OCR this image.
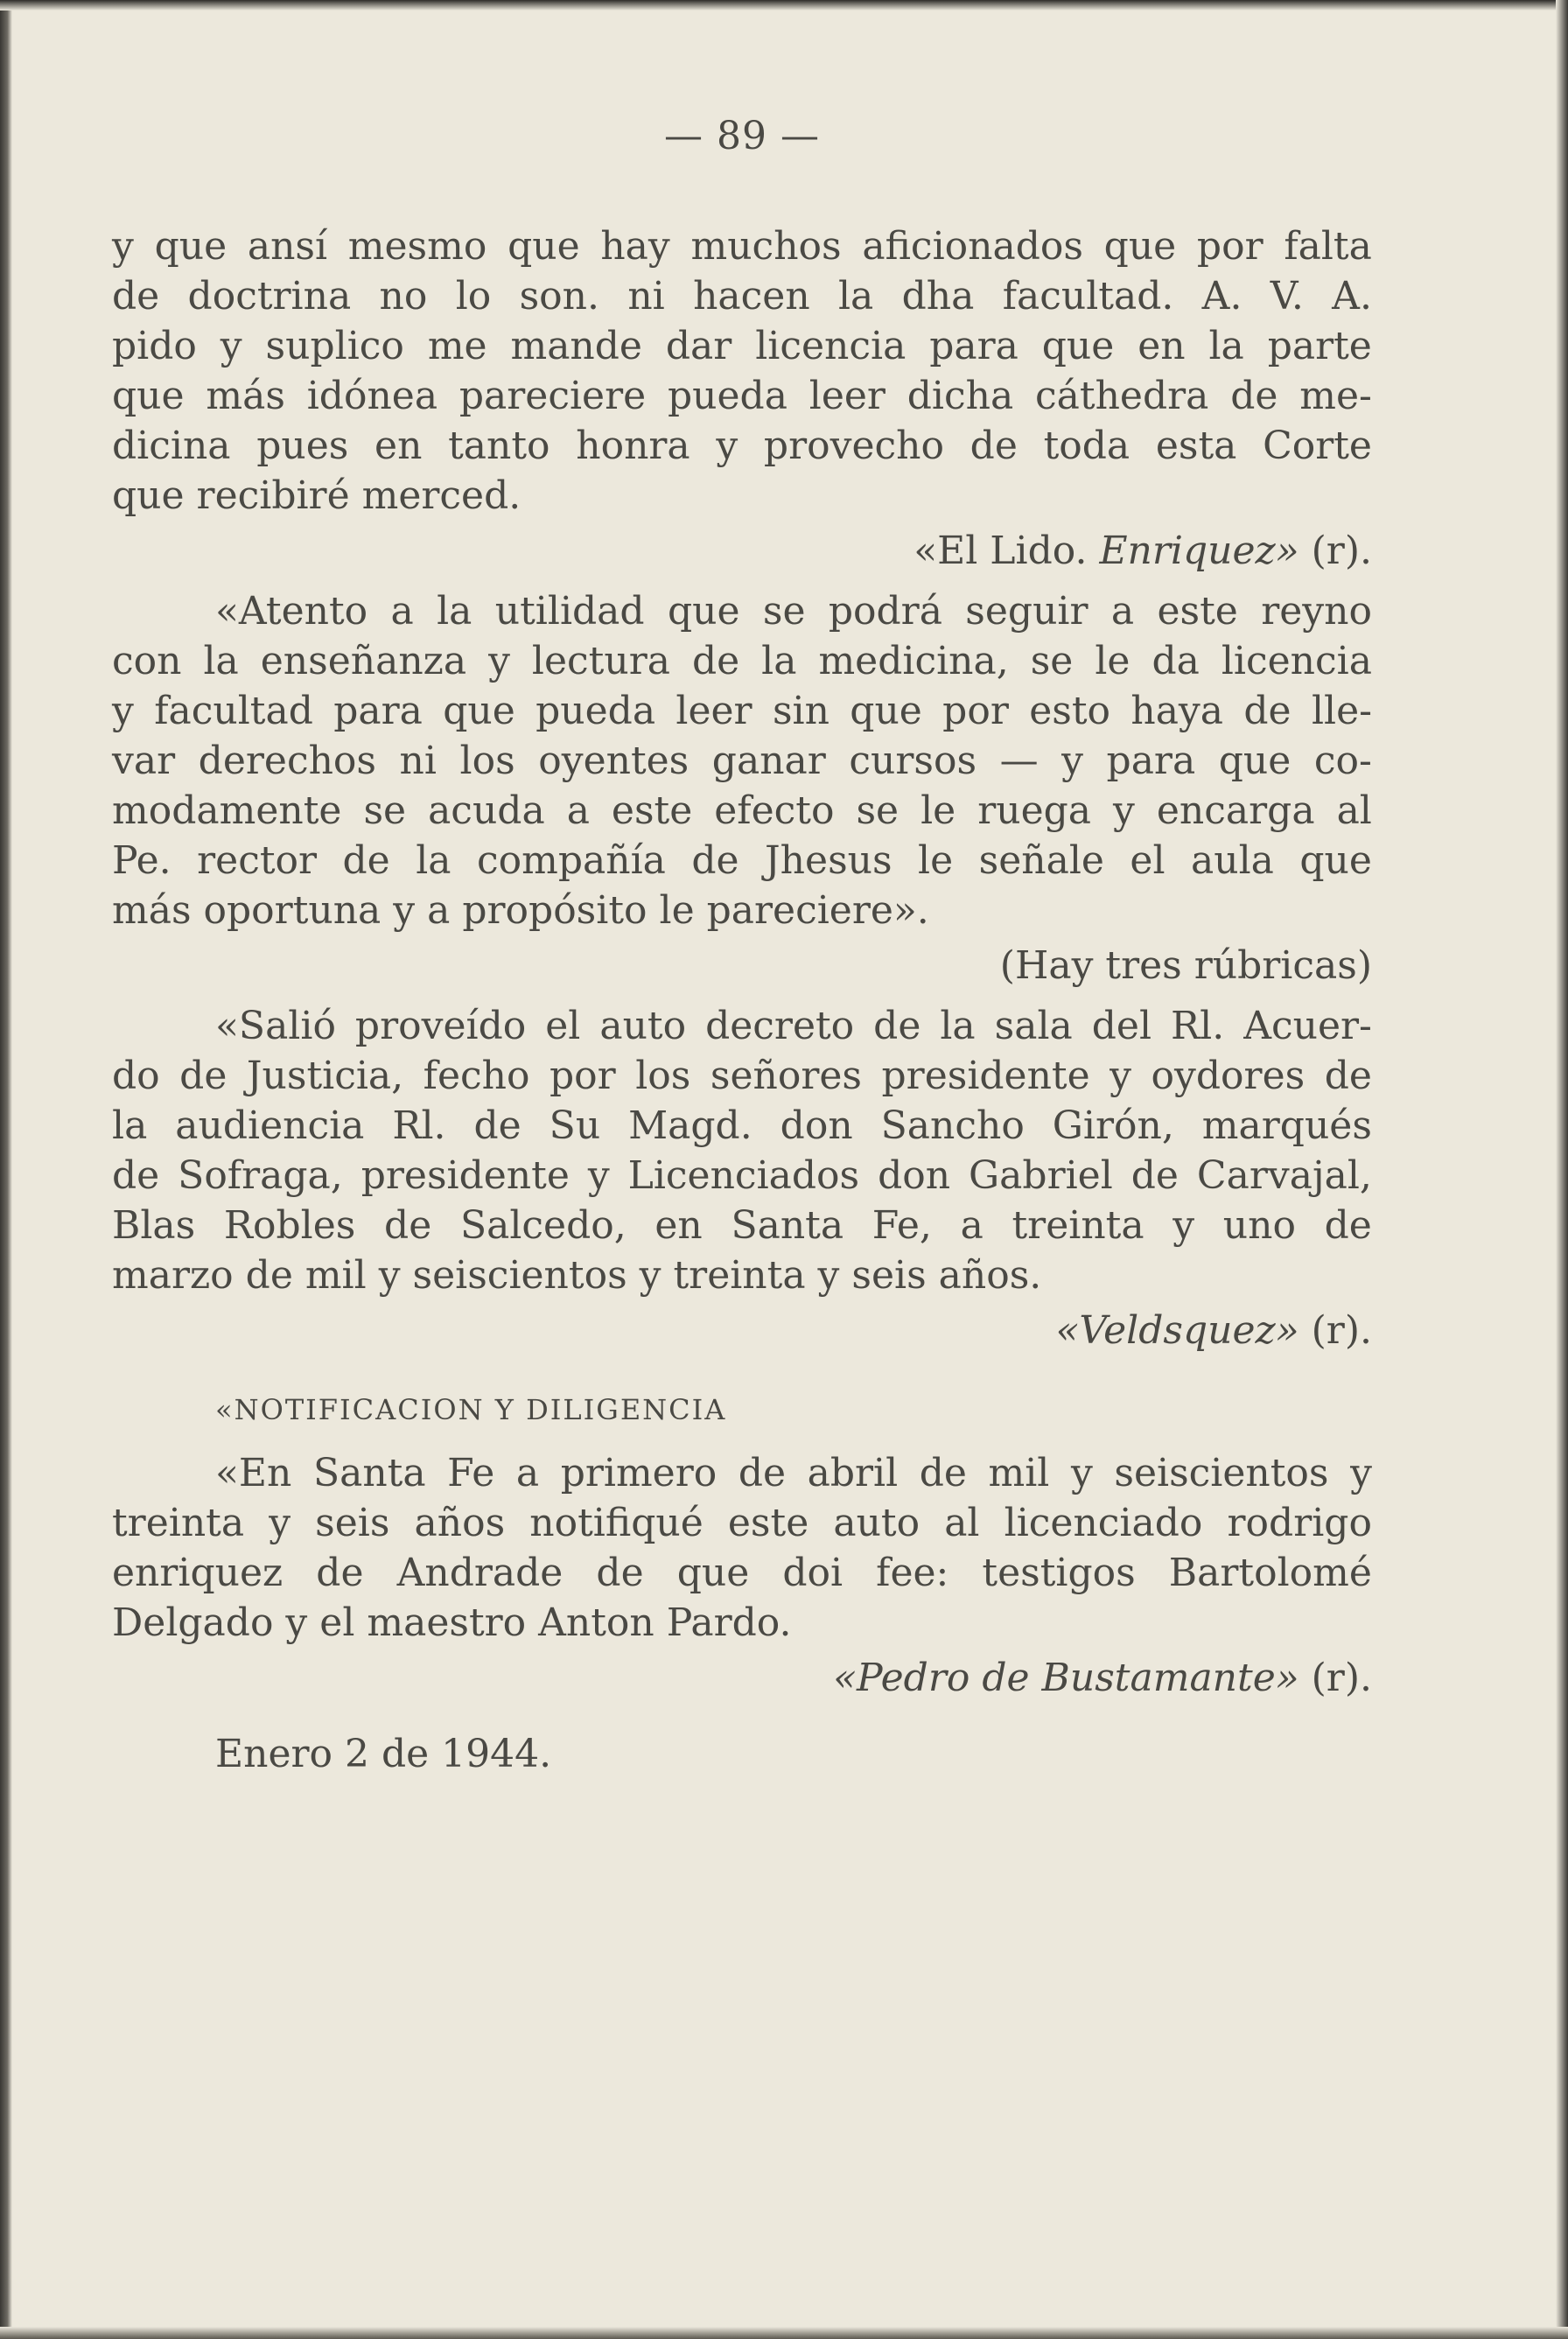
— 89 —
y que ansí mesmo que hay muchos aficionados que por falta
de doctrina no lo son. ni hacen la dha facultad. A. V. A.
pido y suplico me mande dar licencia para que en la parte
que más idónea pareciere pueda leer dicha cáthedra de me-
dicina pues en tanto honra y provecho de toda esta Corte
que recibiré merced.
«El Lido. Enriquez» (r).
«Atento a la utilidad que se podrá seguir a este reyno
con la enseñanza y lectura de la medicina, se le da licencia
y facultad para que pueda leer sin que por esto haya de lle-
var derechos ni los oyentes ganar cursos — y para que co-
modamente se acuda a este efecto se le ruega y encarga al
Pe. rector de la compañía de Jhesus le señale el aula que
más oportuna y a propósito le pareciere».
(Hay tres rúbricas)
«Salió proveído el auto decreto de la sala del Rl. Acuer-
do de Justicia, fecho por los señores presidente y oydores de
la audiencia Rl. de Su Magd. don Sancho Girón, marqués
de Sofraga, presidente y Licenciados don Gabriel de Carvajal,
Blas Robles de Salcedo, en Santa Fe, a treinta y uno de
marzo de mil y seiscientos y treinta y seis años.
«Veldsquez» (r).
«NOTIFICACION Y DILIGENCIA
«En Santa Fe a primero de abril de mil y seiscientos y
treinta y seis años notifiqué este auto al licenciado rodrigo
enriquez de Andrade de que doi fee: testigos Bartolomé
Delgado y el maestro Anton Pardo.
«Pedro de Bustamante» (r).
Enero 2 de 1944.
